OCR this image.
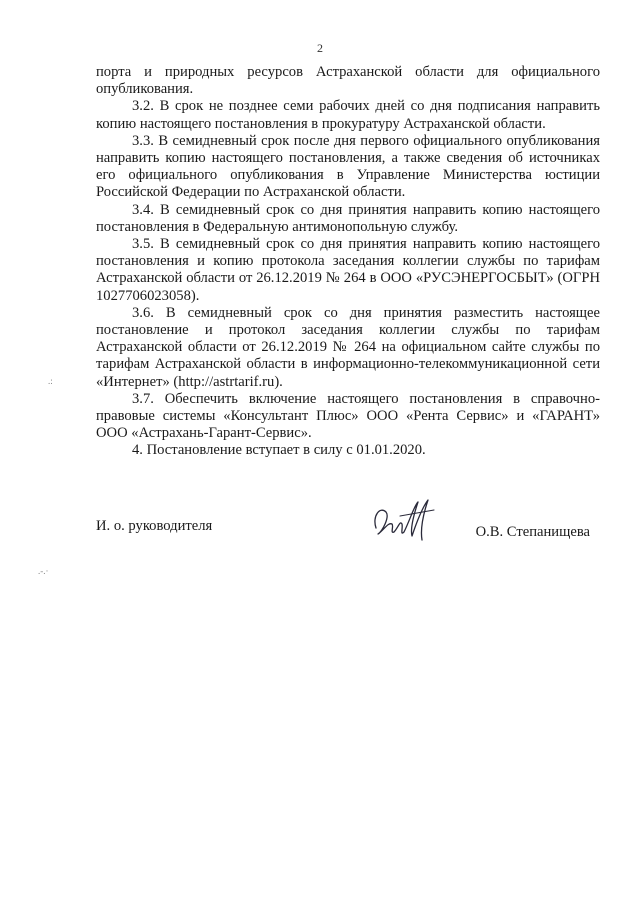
2
.:
.-.·

порта и природных ресурсов Астраханской области для официального опубликования.

3.2. В срок не позднее семи рабочих дней со дня подписания направить копию настоящего постановления в прокуратуру Астраханской области.

3.3. В семидневный срок после дня первого официального опубликования направить копию настоящего постановления, а также сведения об источниках его официального опубликования в Управление Министерства юстиции Российской Федерации по Астраханской области.

3.4. В семидневный срок со дня принятия направить копию настоящего постановления в Федеральную антимонопольную службу.

3.5. В семидневный срок со дня принятия направить копию настоящего постановления и копию протокола заседания коллегии службы по тарифам Астраханской области от 26.12.2019 № 264 в ООО «РУСЭНЕРГОСБЫТ» (ОГРН 1027706023058).

3.6. В семидневный срок со дня принятия разместить настоящее постановление и протокол заседания коллегии службы по тарифам Астраханской области от 26.12.2019 № 264 на официальном сайте службы по тарифам Астраханской области в информационно-телекоммуникационной сети «Интернет» (http://astrtarif.ru).

3.7. Обеспечить включение настоящего постановления в справочно-правовые системы «Консультант Плюс» ООО «Рента Сервис» и «ГАРАНТ» ООО «Астрахань-Гарант-Сервис».

4. Постановление вступает в силу с 01.01.2020.

И. о. руководителя	О.В. Степанищева
